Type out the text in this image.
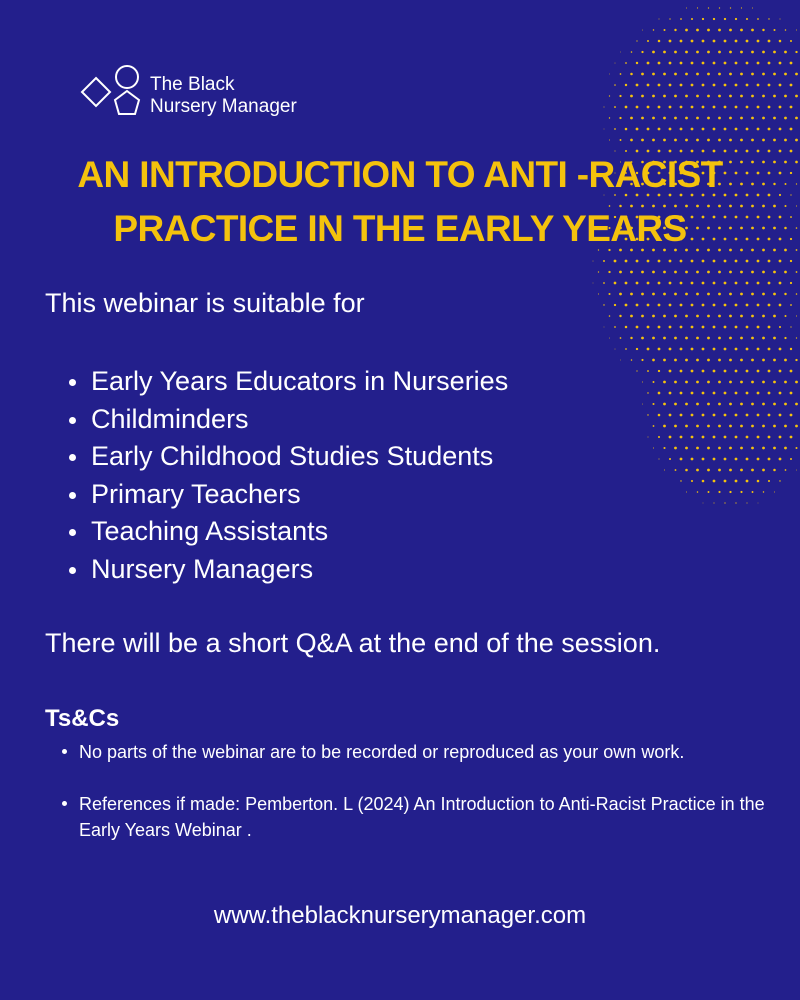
The Black
Nursery Manager
AN INTRODUCTION TO ANTI -RACIST
PRACTICE IN THE EARLY YEARS
This webinar is suitable for
Early Years Educators in Nurseries
Childminders
Early Childhood Studies Students
Primary Teachers
Teaching Assistants
Nursery Managers
There will be a short Q&A at the end of the session.
Ts&Cs
No parts of the webinar are to be recorded or reproduced as your own work.
References if made: Pemberton. L (2024) An Introduction to Anti-Racist Practice in the Early Years Webinar .
www.theblacknurserymanager.com
